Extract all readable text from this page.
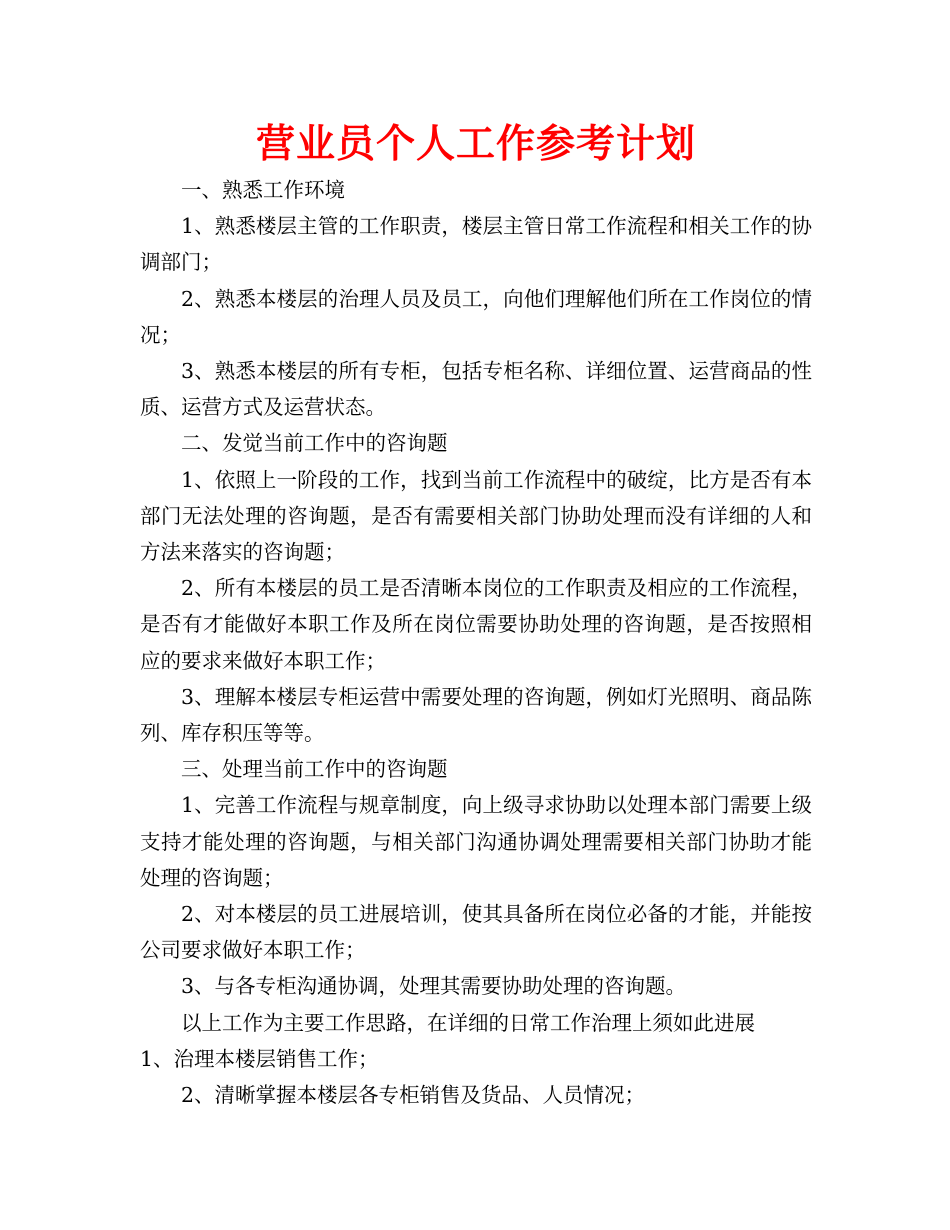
营业员个人工作参考计划

一、熟悉工作环境

1、熟悉楼层主管的工作职责，楼层主管日常工作流程和相关工作的协调部门；

2、熟悉本楼层的治理人员及员工，向他们理解他们所在工作岗位的情况；

3、熟悉本楼层的所有专柜，包括专柜名称、详细位置、运营商品的性质、运营方式及运营状态。

二、发觉当前工作中的咨询题

1、依照上一阶段的工作，找到当前工作流程中的破绽，比方是否有本部门无法处理的咨询题，是否有需要相关部门协助处理而没有详细的人和方法来落实的咨询题；

2、所有本楼层的员工是否清晰本岗位的工作职责及相应的工作流程，是否有才能做好本职工作及所在岗位需要协助处理的咨询题，是否按照相应的要求来做好本职工作；

3、理解本楼层专柜运营中需要处理的咨询题，例如灯光照明、商品陈列、库存积压等等。

三、处理当前工作中的咨询题

1、完善工作流程与规章制度，向上级寻求协助以处理本部门需要上级支持才能处理的咨询题，与相关部门沟通协调处理需要相关部门协助才能处理的咨询题；

2、对本楼层的员工进展培训，使其具备所在岗位必备的才能，并能按公司要求做好本职工作；

3、与各专柜沟通协调，处理其需要协助处理的咨询题。

以上工作为主要工作思路，在详细的日常工作治理上须如此进展

1、治理本楼层销售工作；

2、清晰掌握本楼层各专柜销售及货品、人员情况；
